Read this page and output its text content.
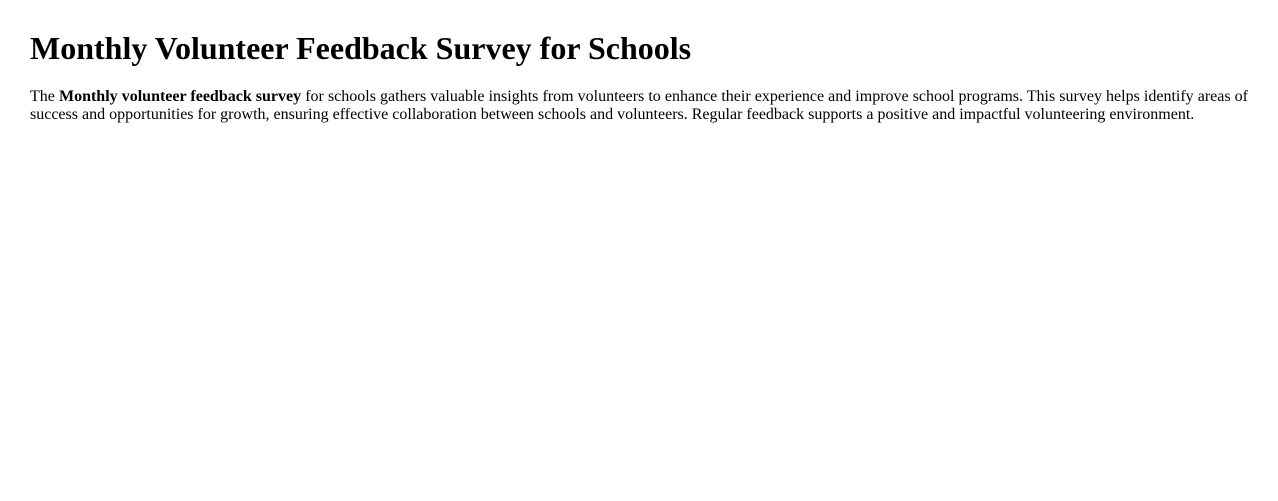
Monthly Volunteer Feedback Survey for Schools

The Monthly volunteer feedback survey for schools gathers valuable insights from volunteers to enhance their experience and improve school programs. This survey helps identify areas of success and opportunities for growth, ensuring effective collaboration between schools and volunteers. Regular feedback supports a positive and impactful volunteering environment.
